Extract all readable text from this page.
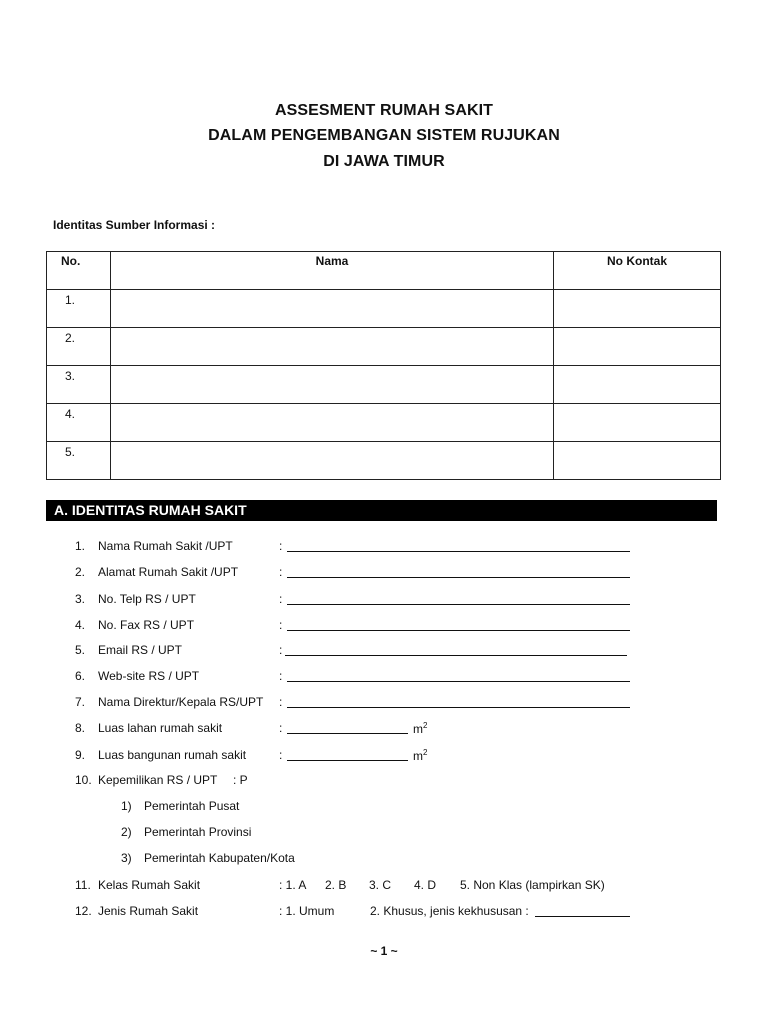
ASSESMENT RUMAH SAKIT
DALAM PENGEMBANGAN SISTEM RUJUKAN
DI JAWA TIMUR
Identitas Sumber Informasi :
No.	Nama	No Kontak
1.		
2.		
3.		
4.		
5.		
A. IDENTITAS RUMAH SAKIT
1.	Nama Rumah Sakit /UPT	:
2.	Alamat Rumah Sakit /UPT	:
3.	No. Telp RS / UPT	:
4.	No. Fax RS / UPT	:
5.	Email RS / UPT	:
6.	Web-site RS / UPT	:
7.	Nama Direktur/Kepala RS/UPT :
8.	Luas lahan rumah sakit	:	$m^2$
9.	Luas bangunan rumah sakit	:	$m^2$
10. Kepemilikan RS / UPT : P
1) Pemerintah Pusat
2) Pemerintah Provinsi
3) Pemerintah Kabupaten/Kota
11. Kelas Rumah Sakit	: 1. A 2. B 3. C 4. D 5. Non Klas (lampirkan SK)
12. Jenis Rumah Sakit	: 1. Umum	2. Khusus, jenis kekhususan :
~ 1 ~
